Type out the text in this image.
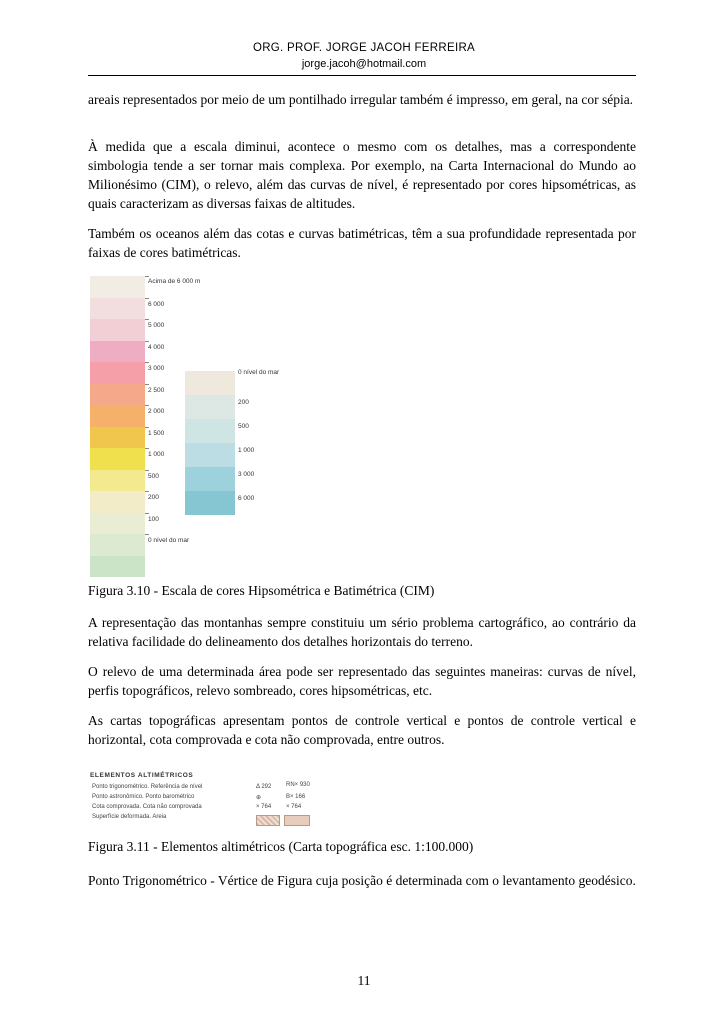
ORG. PROF. JORGE JACOH FERREIRA
jorge.jacoh@hotmail.com
areais representados por meio de um pontilhado irregular também é impresso, em geral, na cor sépia.
À medida que a escala diminui, acontece o mesmo com os detalhes, mas a correspondente simbologia tende a ser tornar mais complexa. Por exemplo, na Carta Internacional do Mundo ao Milionésimo (CIM), o relevo, além das curvas de nível, é representado por cores hipsométricas, as quais caracterizam as diversas faixas de altitudes.
Também os oceanos além das cotas e curvas batimétricas, têm a sua profundidade representada por faixas de cores batimétricas.
Acima de 6 000 m
6 000
5 000
4 000
3 000
2 500
2 000
1 500
1 000
500
200
100
0 nível do mar
0 nível do mar
200
500
1 000
3 000
6 000
Figura 3.10 - Escala de cores Hipsométrica e Batimétrica (CIM)
A representação das montanhas sempre constituiu um sério problema cartográfico, ao contrário da relativa facilidade do delineamento dos detalhes horizontais do terreno.
O relevo de uma determinada área pode ser representado das seguintes maneiras: curvas de nível, perfis topográficos, relevo sombreado, cores hipsométricas, etc.
As cartas topográficas apresentam pontos de controle vertical e pontos de controle vertical e horizontal, cota comprovada e cota não comprovada, entre outros.
ELEMENTOS ALTIMÉTRICOS
Ponto trigonométrico. Referência de nível
Ponto astronômico. Ponto barométrico
Cota comprovada. Cota não comprovada
Superfície deformada. Areia
Δ 292
⊕
× 764
RN× 930
B× 166
× 764
Figura 3.11 - Elementos altimétricos (Carta topográfica esc. 1:100.000)
Ponto Trigonométrico - Vértice de Figura cuja posição é determinada com o levantamento geodésico.
11
